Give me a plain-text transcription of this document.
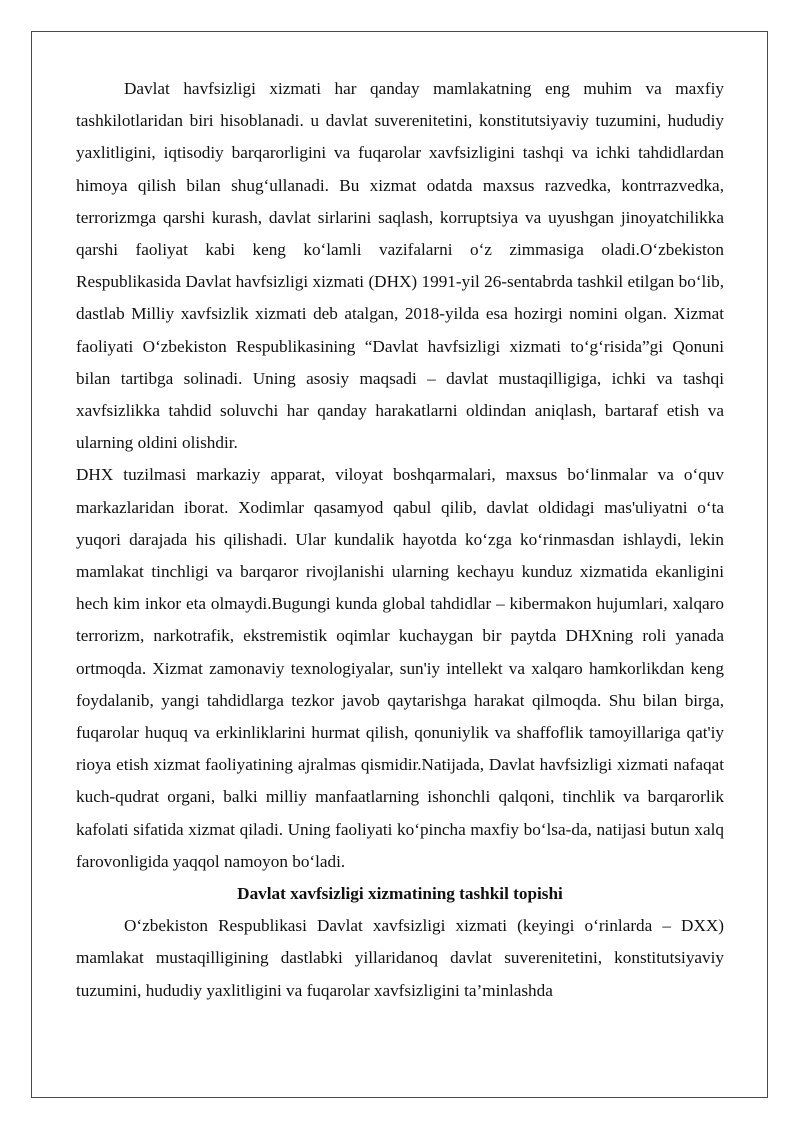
Davlat havfsizligi xizmati har qanday mamlakatning eng muhim va maxfiy tashkilotlaridan biri hisoblanadi. u davlat suverenitetini, konstitutsiyaviy tuzumini, hududiy yaxlitligini, iqtisodiy barqarorligini va fuqarolar xavfsizligini tashqi va ichki tahdidlardan himoya qilish bilan shug‘ullanadi. Bu xizmat odatda maxsus razvedka, kontrrazvedka, terrorizmga qarshi kurash, davlat sirlarini saqlash, korruptsiya va uyushgan jinoyatchilikka qarshi faoliyat kabi keng ko‘lamli vazifalarni o‘z zimmasiga oladi.O‘zbekiston Respublikasida Davlat havfsizligi xizmati (DHX) 1991-yil 26-sentabrda tashkil etilgan bo‘lib, dastlab Milliy xavfsizlik xizmati deb atalgan, 2018-yilda esa hozirgi nomini olgan. Xizmat faoliyati O‘zbekiston Respublikasining “Davlat havfsizligi xizmati to‘g‘risida”gi Qonuni bilan tartibga solinadi. Uning asosiy maqsadi – davlat mustaqilligiga, ichki va tashqi xavfsizlikka tahdid soluvchi har qanday harakatlarni oldindan aniqlash, bartaraf etish va ularning oldini olishdir.

DHX tuzilmasi markaziy apparat, viloyat boshqarmalari, maxsus bo‘linmalar va o‘quv markazlaridan iborat. Xodimlar qasamyod qabul qilib, davlat oldidagi mas'uliyatni o‘ta yuqori darajada his qilishadi. Ular kundalik hayotda ko‘zga ko‘rinmasdan ishlaydi, lekin mamlakat tinchligi va barqaror rivojlanishi ularning kechayu kunduz xizmatida ekanligini hech kim inkor eta olmaydi.Bugungi kunda global tahdidlar – kibermakon hujumlari, xalqaro terrorizm, narkotrafik, ekstremistik oqimlar kuchaygan bir paytda DHXning roli yanada ortmoqda. Xizmat zamonaviy texnologiyalar, sun'iy intellekt va xalqaro hamkorlikdan keng foydalanib, yangi tahdidlarga tezkor javob qaytarishga harakat qilmoqda. Shu bilan birga, fuqarolar huquq va erkinliklarini hurmat qilish, qonuniylik va shaffoflik tamoyillariga qat'iy rioya etish xizmat faoliyatining ajralmas qismidir.Natijada, Davlat havfsizligi xizmati nafaqat kuch-qudrat organi, balki milliy manfaatlarning ishonchli qalqoni, tinchlik va barqarorlik kafolati sifatida xizmat qiladi. Uning faoliyati ko‘pincha maxfiy bo‘lsa-da, natijasi butun xalq farovonligida yaqqol namoyon bo‘ladi.

Davlat xavfsizligi xizmatining tashkil topishi

O‘zbekiston Respublikasi Davlat xavfsizligi xizmati (keyingi o‘rinlarda – DXX) mamlakat mustaqilligining dastlabki yillaridanoq davlat suverenitetini, konstitutsiyaviy tuzumini, hududiy yaxlitligini va fuqarolar xavfsizligini ta’minlashda
